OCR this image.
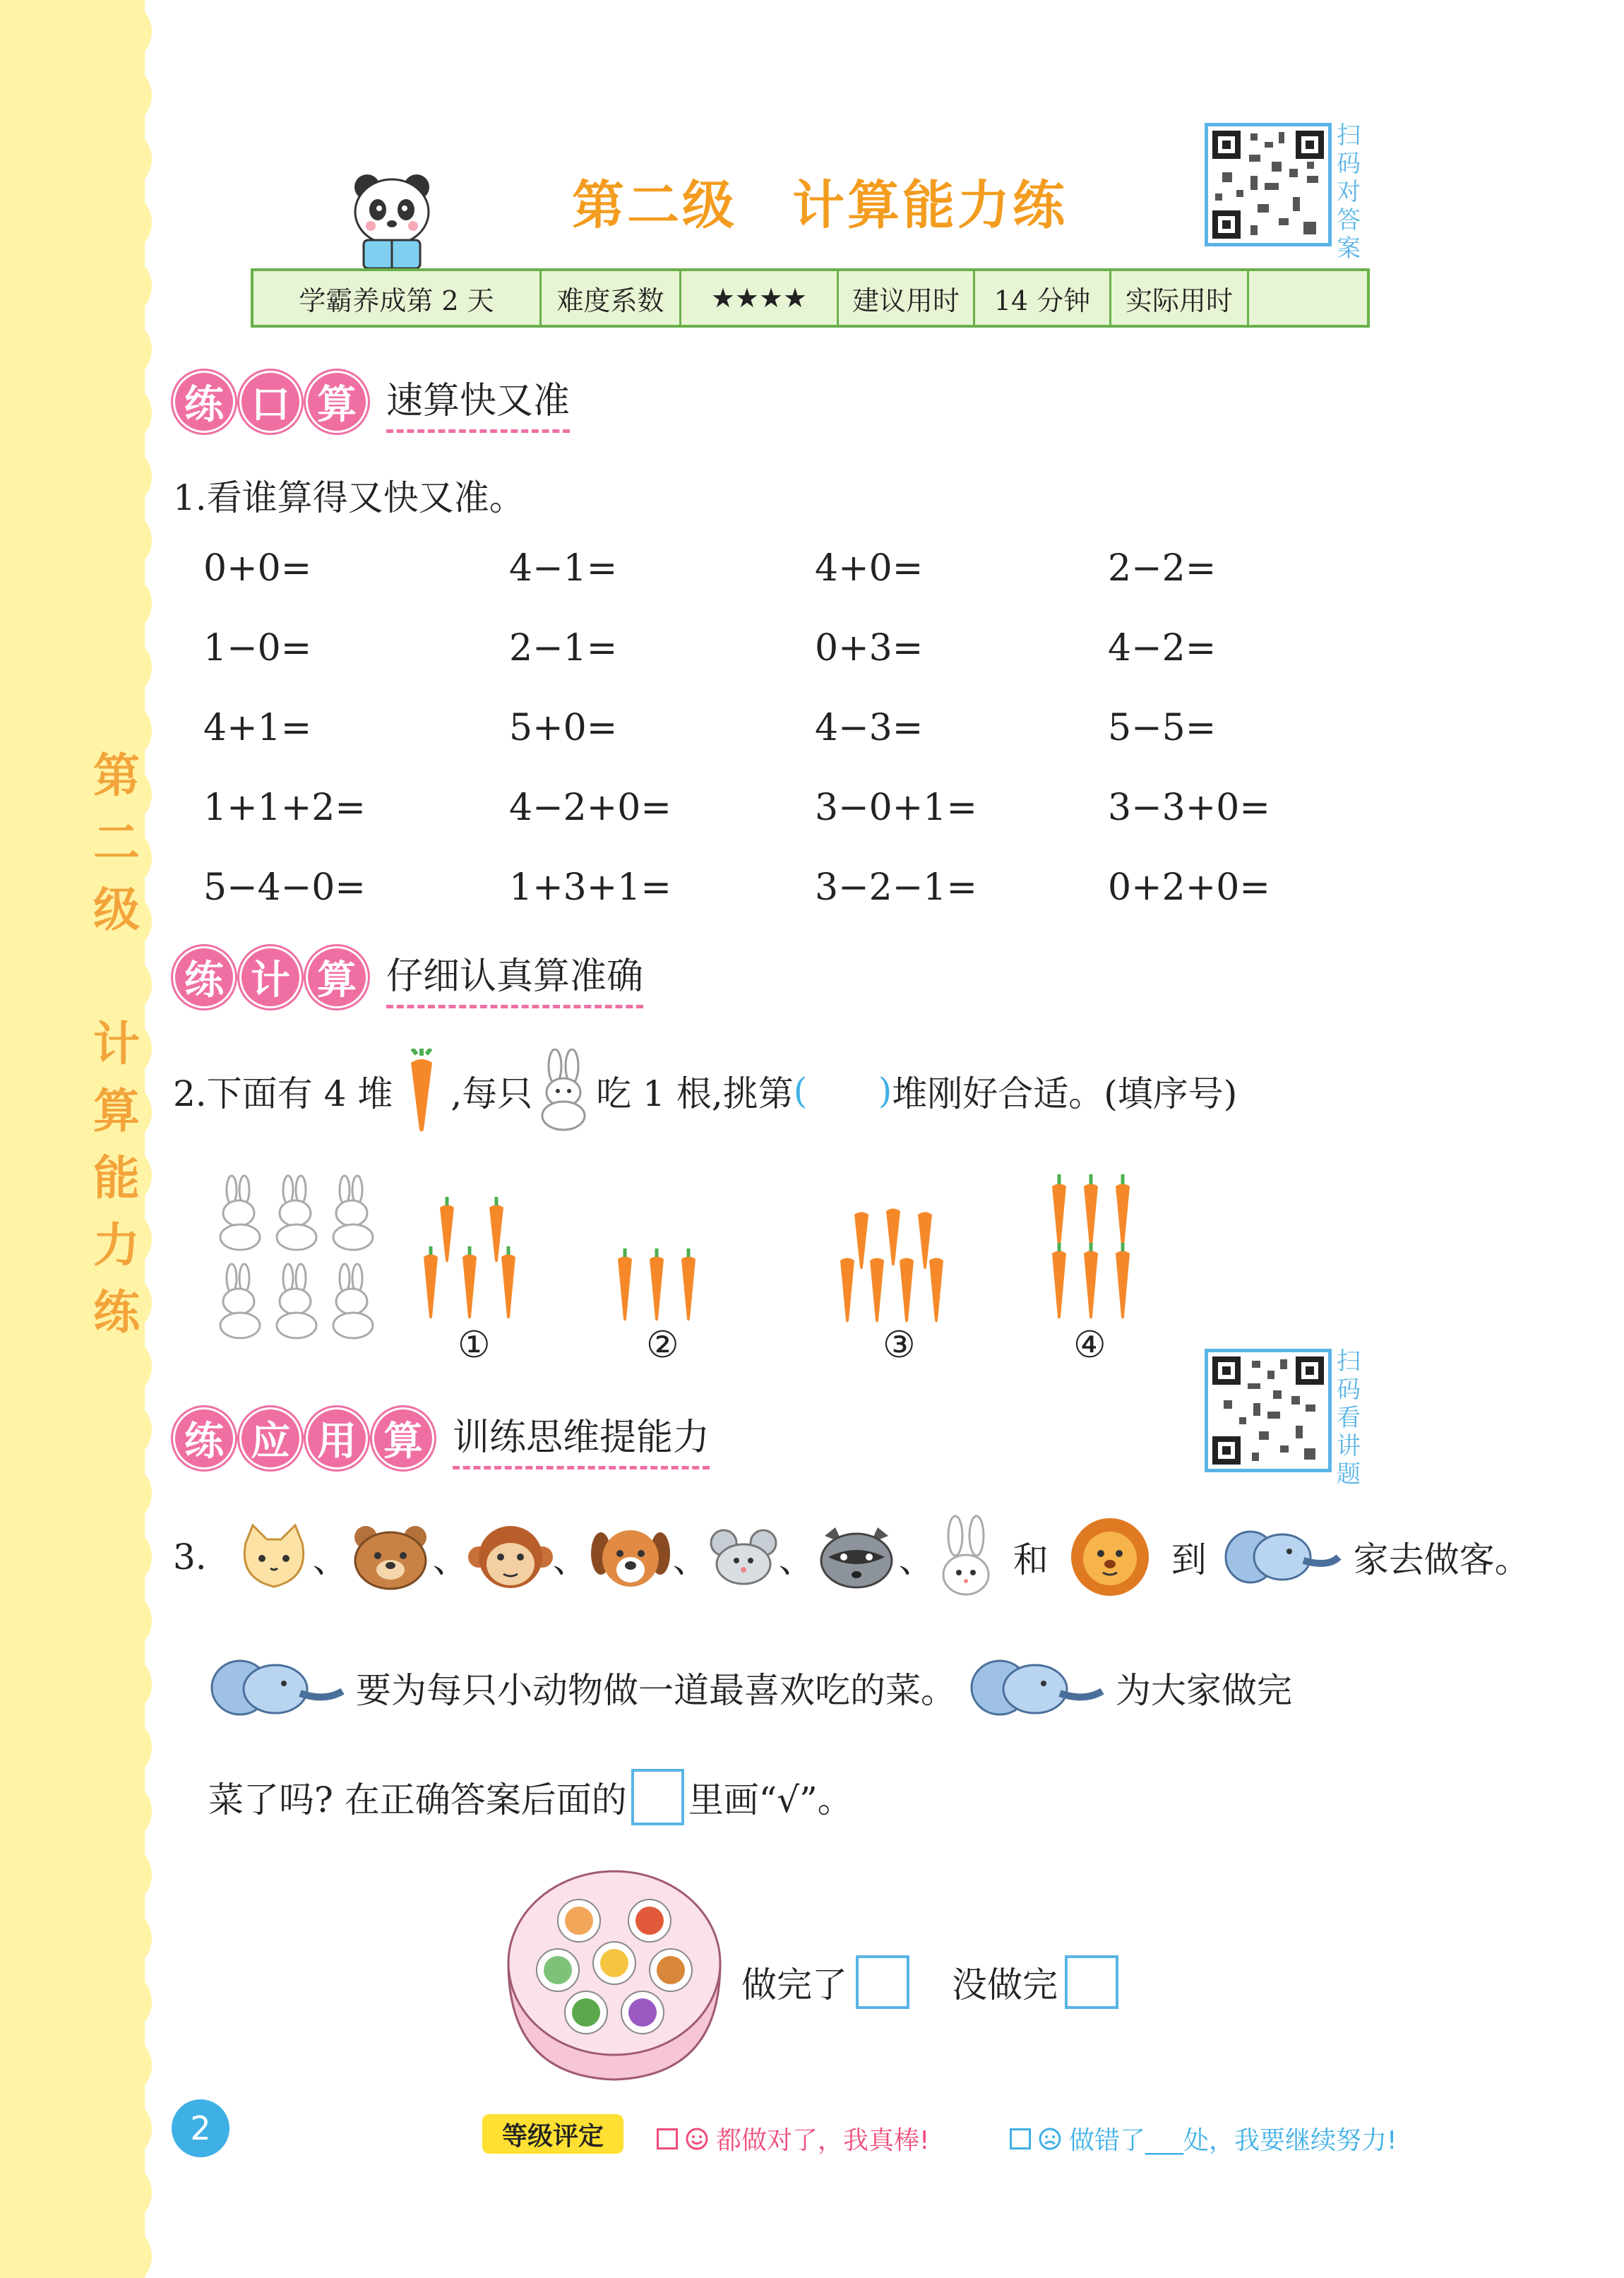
第
二
级
计
算
能
力
练
第二级　计算能力练
扫
码
对
答
案
学霸养成第 2 天	难度系数	★★★★	建议用时	14 分钟	实际用时
练 口 算 速算快又准
1.看谁算得又快又准。
0+0=	4−1=	4+0=	2−2=
1−0=	2−1=	0+3=	4−2=
4+1=	5+0=	4−3=	5−5=
1+1+2=	4−2+0=	3−0+1=	3−3+0=
5−4−0=	1+3+1=	3−2−1=	0+2+0=
练 计 算 仔细认真算准确
2.下面有 4 堆 ,每只 吃 1 根,挑第 (	) 堆刚好合适。(填序号)
①	②	③	④
练 应 用 算 训练思维提能力
扫
码
看
讲
题
3.	、 、 、 、 、 、 和	到	家去做客。
要为每只小动物做一道最喜欢吃的菜。	为大家做完
菜了吗? 在正确答案后面的 里画“√”。
做完了	没做完
2	等级评定	都做对了，我真棒!	做错了___处，我要继续努力!
